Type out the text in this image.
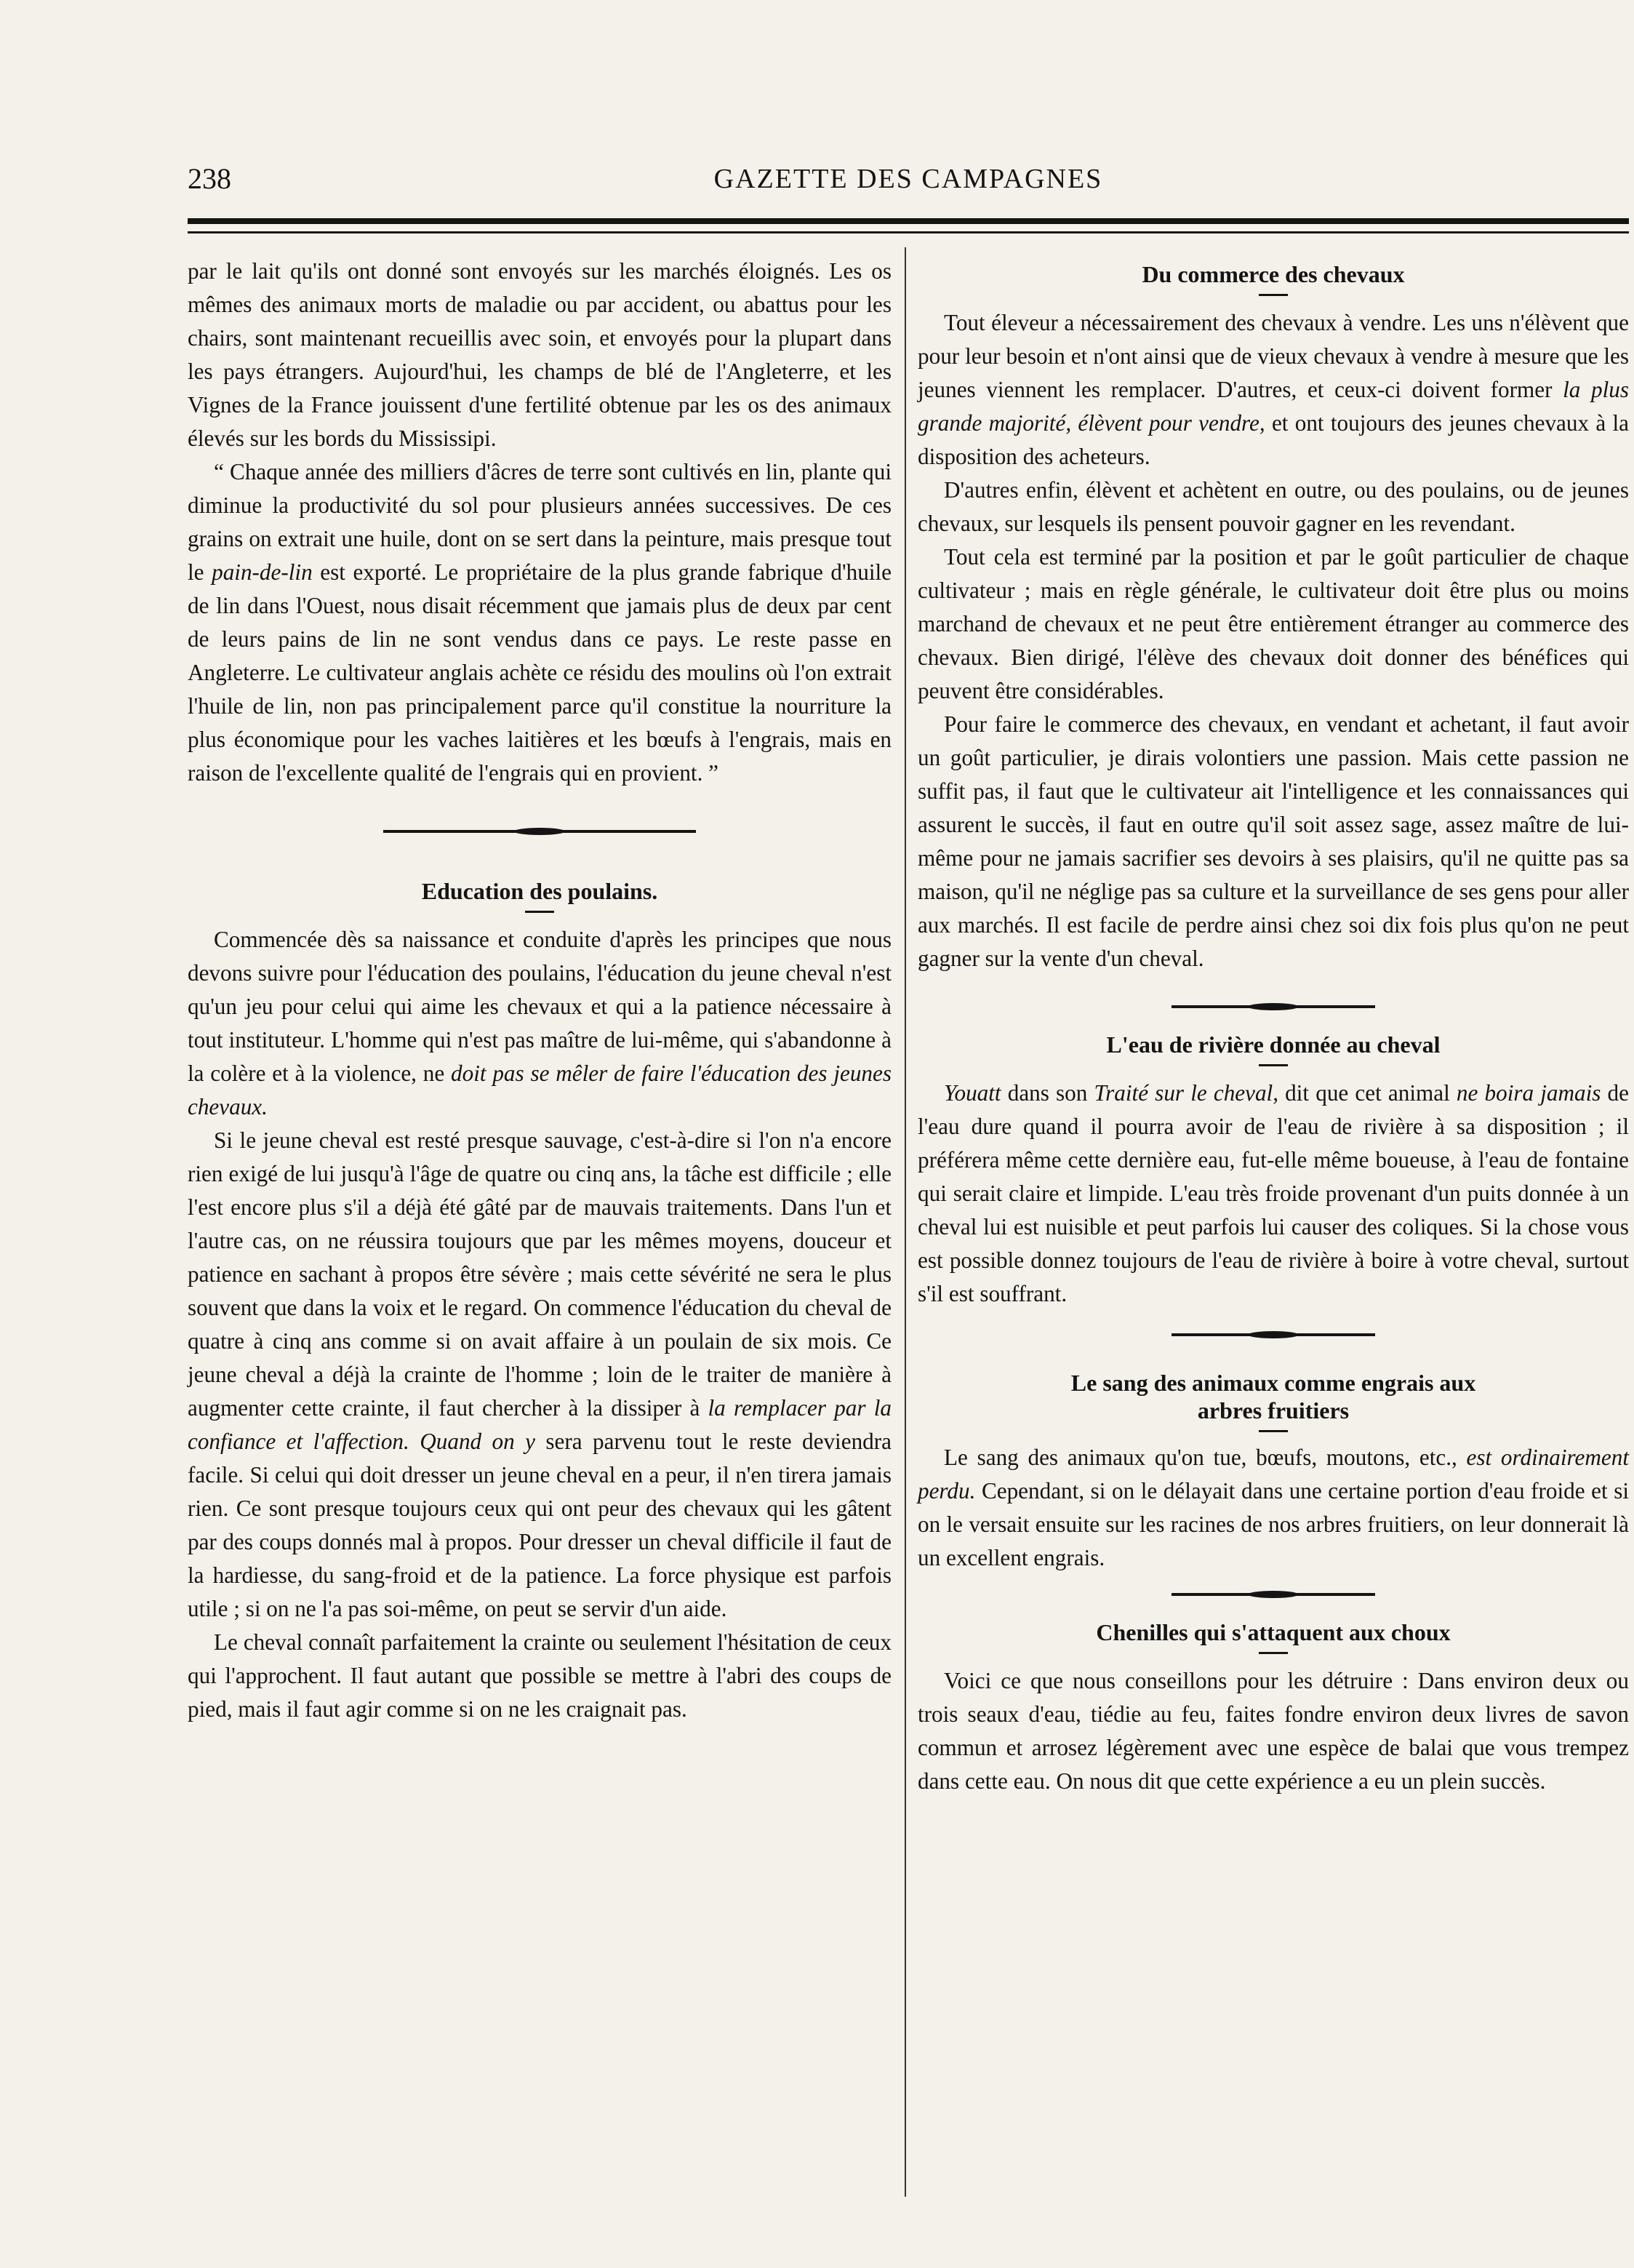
238	GAZETTE DES CAMPAGNES

par le lait qu'ils ont donné sont envoyés sur les marchés éloignés. Les os mêmes des animaux morts de maladie ou par accident, ou abattus pour les chairs, sont maintenant recueillis avec soin, et envoyés pour la plupart dans les pays étrangers. Aujourd'hui, les champs de blé de l'Angleterre, et les Vignes de la France jouissent d'une fertilité obtenue par les os des animaux élevés sur les bords du Mississipi.

“ Chaque année des milliers d'âcres de terre sont cultivés en lin, plante qui diminue la productivité du sol pour plusieurs années successives. De ces grains on extrait une huile, dont on se sert dans la peinture, mais presque tout le pain-de-lin est exporté. Le propriétaire de la plus grande fabrique d'huile de lin dans l'Ouest, nous disait récemment que jamais plus de deux par cent de leurs pains de lin ne sont vendus dans ce pays. Le reste passe en Angleterre. Le cultivateur anglais achète ce résidu des moulins où l'on extrait l'huile de lin, non pas principalement parce qu'il constitue la nourriture la plus économique pour les vaches laitières et les bœufs à l'engrais, mais en raison de l'excellente qualité de l'engrais qui en provient. ”

Education des poulains.

Commencée dès sa naissance et conduite d'après les principes que nous devons suivre pour l'éducation des poulains, l'éducation du jeune cheval n'est qu'un jeu pour celui qui aime les chevaux et qui a la patience nécessaire à tout instituteur. L'homme qui n'est pas maître de lui-même, qui s'abandonne à la colère et à la violence, ne doit pas se mêler de faire l'éducation des jeunes chevaux.

Si le jeune cheval est resté presque sauvage, c'est-à-dire si l'on n'a encore rien exigé de lui jusqu'à l'âge de quatre ou cinq ans, la tâche est difficile ; elle l'est encore plus s'il a déjà été gâté par de mauvais traitements. Dans l'un et l'autre cas, on ne réussira toujours que par les mêmes moyens, douceur et patience en sachant à propos être sévère ; mais cette sévérité ne sera le plus souvent que dans la voix et le regard. On commence l'éducation du cheval de quatre à cinq ans comme si on avait affaire à un poulain de six mois. Ce jeune cheval a déjà la crainte de l'homme ; loin de le traiter de manière à augmenter cette crainte, il faut chercher à la dissiper à la remplacer par la confiance et l'affection. Quand on y sera parvenu tout le reste deviendra facile. Si celui qui doit dresser un jeune cheval en a peur, il n'en tirera jamais rien. Ce sont presque toujours ceux qui ont peur des chevaux qui les gâtent par des coups donnés mal à propos. Pour dresser un cheval difficile il faut de la hardiesse, du sang-froid et de la patience. La force physique est parfois utile ; si on ne l'a pas soi-même, on peut se servir d'un aide.

Le cheval connaît parfaitement la crainte ou seulement l'hésitation de ceux qui l'approchent. Il faut autant que possible se mettre à l'abri des coups de pied, mais il faut agir comme si on ne les craignait pas.

Du commerce des chevaux

Tout éleveur a nécessairement des chevaux à vendre. Les uns n'élèvent que pour leur besoin et n'ont ainsi que de vieux chevaux à vendre à mesure que les jeunes viennent les remplacer. D'autres, et ceux-ci doivent former la plus grande majorité, élèvent pour vendre, et ont toujours des jeunes chevaux à la disposition des acheteurs.

D'autres enfin, élèvent et achètent en outre, ou des poulains, ou de jeunes chevaux, sur lesquels ils pensent pouvoir gagner en les revendant.

Tout cela est terminé par la position et par le goût particulier de chaque cultivateur ; mais en règle générale, le cultivateur doit être plus ou moins marchand de chevaux et ne peut être entièrement étranger au commerce des chevaux. Bien dirigé, l'élève des chevaux doit donner des bénéfices qui peuvent être considérables.

Pour faire le commerce des chevaux, en vendant et achetant, il faut avoir un goût particulier, je dirais volontiers une passion. Mais cette passion ne suffit pas, il faut que le cultivateur ait l'intelligence et les connaissances qui assurent le succès, il faut en outre qu'il soit assez sage, assez maître de lui-même pour ne jamais sacrifier ses devoirs à ses plaisirs, qu'il ne quitte pas sa maison, qu'il ne néglige pas sa culture et la surveillance de ses gens pour aller aux marchés. Il est facile de perdre ainsi chez soi dix fois plus qu'on ne peut gagner sur la vente d'un cheval.

L'eau de rivière donnée au cheval

Youatt dans son Traité sur le cheval, dit que cet animal ne boira jamais de l'eau dure quand il pourra avoir de l'eau de rivière à sa disposition ; il préférera même cette dernière eau, fut-elle même boueuse, à l'eau de fontaine qui serait claire et limpide. L'eau très froide provenant d'un puits donnée à un cheval lui est nuisible et peut parfois lui causer des coliques. Si la chose vous est possible donnez toujours de l'eau de rivière à boire à votre cheval, surtout s'il est souffrant.

Le sang des animaux comme engrais aux
arbres fruitiers

Le sang des animaux qu'on tue, bœufs, moutons, etc., est ordinairement perdu. Cependant, si on le délayait dans une certaine portion d'eau froide et si on le versait ensuite sur les racines de nos arbres fruitiers, on leur donnerait là un excellent engrais.

Chenilles qui s'attaquent aux choux

Voici ce que nous conseillons pour les détruire : Dans environ deux ou trois seaux d'eau, tiédie au feu, faites fondre environ deux livres de savon commun et arrosez légèrement avec une espèce de balai que vous trempez dans cette eau. On nous dit que cette expérience a eu un plein succès.
